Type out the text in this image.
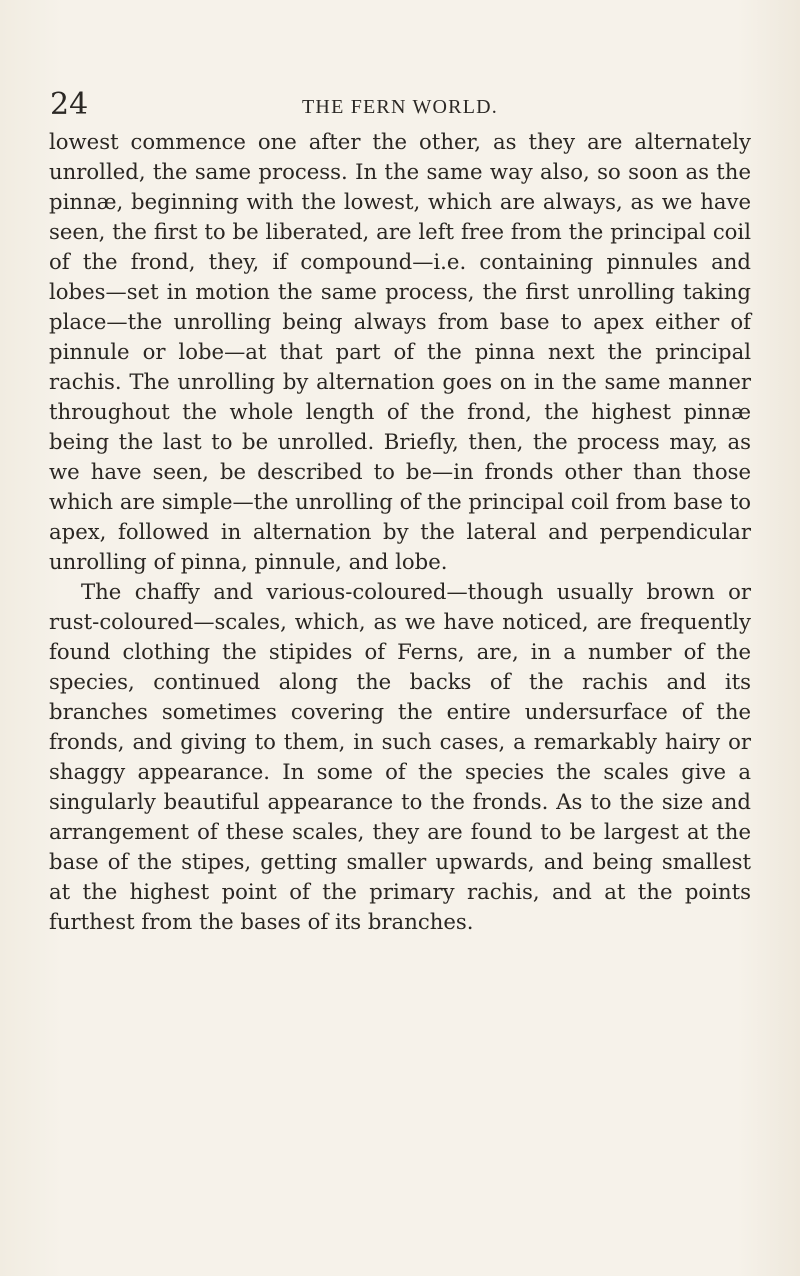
24	THE FERN WORLD.

lowest commence one after the other, as they are alternately unrolled, the same process. In the same way also, so soon as the pinnæ, beginning with the lowest, which are always, as we have seen, the first to be liberated, are left free from the principal coil of the frond, they, if compound—i.e. containing pinnules and lobes—set in motion the same process, the first unrolling taking place—the unrolling being always from base to apex either of pinnule or lobe—at that part of the pinna next the principal rachis. The unrolling by alternation goes on in the same manner throughout the whole length of the frond, the highest pinnæ being the last to be unrolled. Briefly, then, the process may, as we have seen, be described to be—in fronds other than those which are simple—the unrolling of the principal coil from base to apex, followed in alternation by the lateral and perpendicular unrolling of pinna, pinnule, and lobe.

The chaffy and various-coloured—though usually brown or rust-coloured—scales, which, as we have noticed, are frequently found clothing the stipides of Ferns, are, in a number of the species, continued along the backs of the rachis and its branches sometimes covering the entire undersurface of the fronds, and giving to them, in such cases, a remarkably hairy or shaggy appearance. In some of the species the scales give a singularly beautiful appearance to the fronds. As to the size and arrangement of these scales, they are found to be largest at the base of the stipes, getting smaller upwards, and being smallest at the highest point of the primary rachis, and at the points furthest from the bases of its branches.
